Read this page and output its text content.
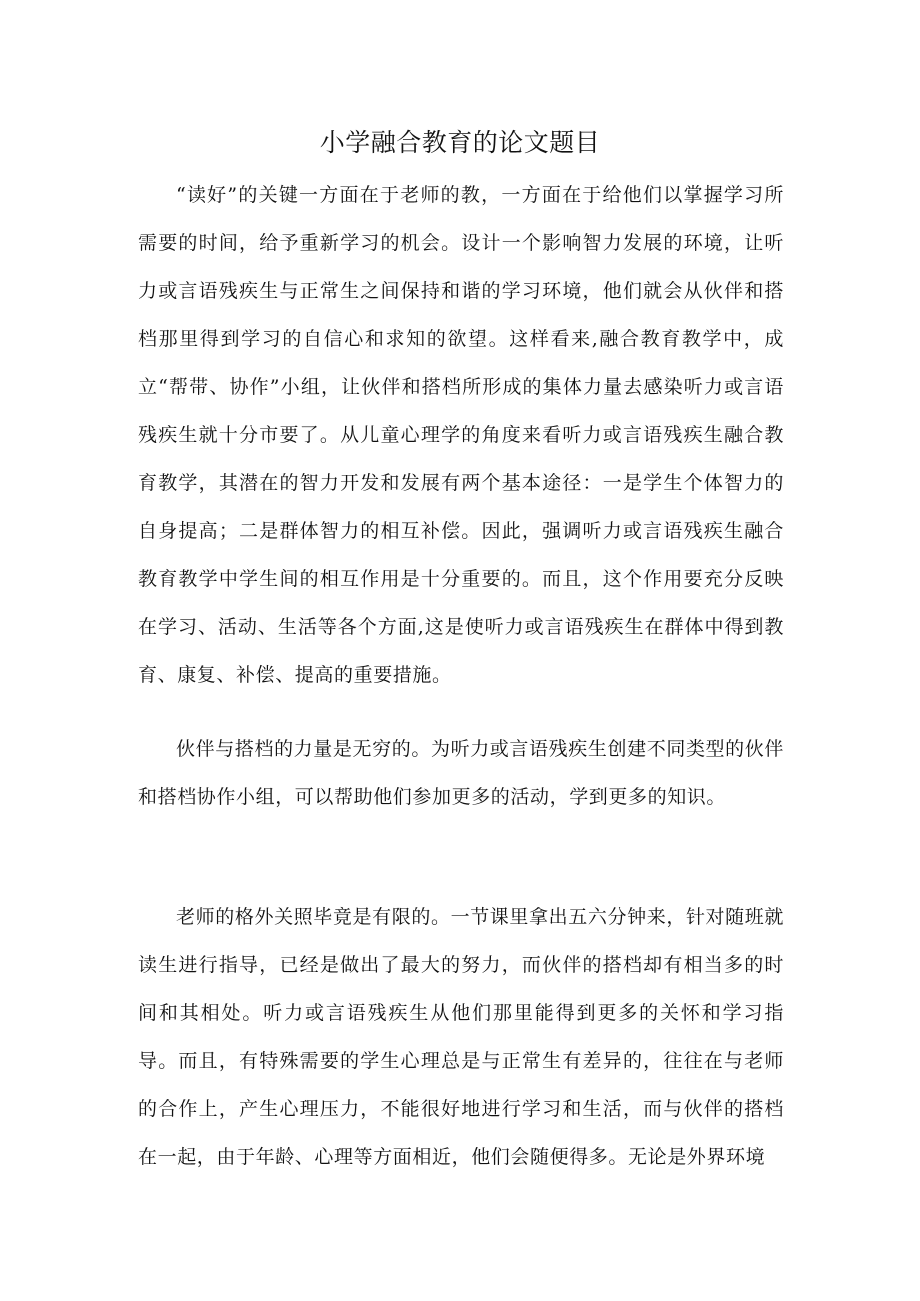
小学融合教育的论文题目

“读好”的关键一方面在于老师的教，一方面在于给他们以掌握学习所需要的时间，给予重新学习的机会。设计一个影响智力发展的环境，让听力或言语残疾生与正常生之间保持和谐的学习环境，他们就会从伙伴和搭档那里得到学习的自信心和求知的欲望。这样看来,融合教育教学中，成立“帮带、协作”小组，让伙伴和搭档所形成的集体力量去感染听力或言语残疾生就十分市要了。从儿童心理学的角度来看听力或言语残疾生融合教育教学，其潜在的智力开发和发展有两个基本途径：一是学生个体智力的自身提高；二是群体智力的相互补偿。因此，强调听力或言语残疾生融合教育教学中学生间的相互作用是十分重要的。而且，这个作用要充分反映在学习、活动、生活等各个方面,这是使听力或言语残疾生在群体中得到教育、康复、补偿、提高的重要措施。

伙伴与搭档的力量是无穷的。为听力或言语残疾生创建不同类型的伙伴和搭档协作小组，可以帮助他们参加更多的活动，学到更多的知识。

老师的格外关照毕竟是有限的。一节课里拿出五六分钟来，针对随班就读生进行指导，已经是做出了最大的努力，而伙伴的搭档却有相当多的时间和其相处。听力或言语残疾生从他们那里能得到更多的关怀和学习指导。而且，有特殊需要的学生心理总是与正常生有差异的，往往在与老师的合作上，产生心理压力，不能很好地进行学习和生活，而与伙伴的搭档在一起，由于年龄、心理等方面相近，他们会随便得多。无论是外界环境
